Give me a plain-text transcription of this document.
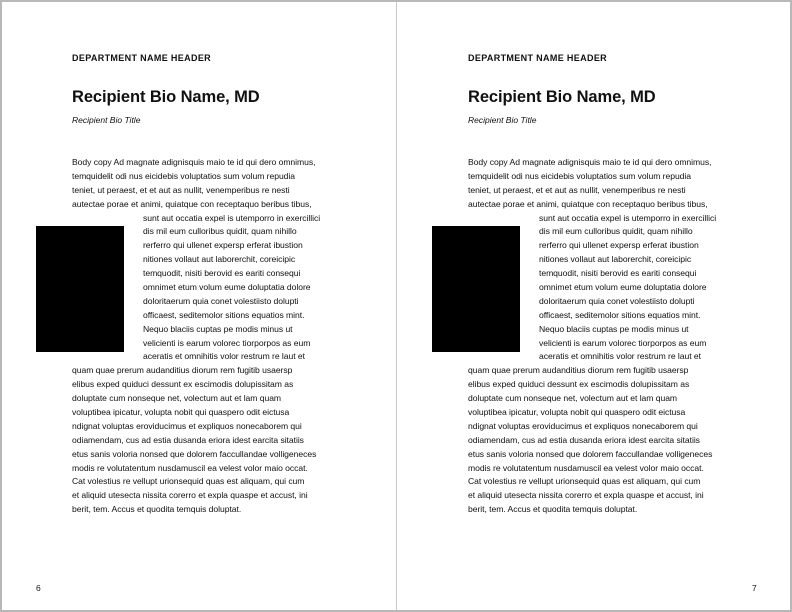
DEPARTMENT NAME HEADER
Recipient Bio Name, MD
Recipient Bio Title
Body copy Ad magnate adignisquis maio te id qui dero omnimus,
temquidelit odi nus eicidebis voluptatios sum volum repudia
teniet, ut peraest, et et aut as nullit, venemperibus re nesti
autectae porae et animi, quiatque con receptaquo beribus tibus,
sunt aut occatia expel is utemporro in exercillici
dis mil eum culloribus quidit, quam nihillo
rerferro qui ullenet expersp erferat ibustion
nitiones vollaut aut laborerchit, coreicipic
temquodit, nisiti berovid es eariti consequi
omnimet etum volum eume doluptatia dolore
doloritaerum quia conet volestiisto dolupti
officaest, seditemolor sitions equatios mint.
Nequo blaciis cuptas pe modis minus ut
velicienti is earum volorec tiorporpos as eum
aceratis et omnihitis volor restrum re laut et
quam quae prerum audanditius diorum rem fugitib usaersp
elibus exped quiduci dessunt ex escimodis dolupissitam as
doluptate cum nonseque net, volectum aut et lam quam
voluptibea ipicatur, volupta nobit qui quaspero odit eictusa
ndignat voluptas eroviducimus et expliquos nonecaborem qui
odiamendam, cus ad estia dusanda eriora idest earcita sitatiis
etus sanis voloria nonsed que dolorem faccullandae volligeneces
modis re volutatentum nusdamuscil ea velest volor maio occat.
Cat volestius re vellupt urionsequid quas est aliquam, qui cum
et aliquid utesecta nissita corerro et expla quaspe et accust, ini
berit, tem. Accus et quodita temquis doluptat.
6
DEPARTMENT NAME HEADER
Recipient Bio Name, MD
Recipient Bio Title
Body copy Ad magnate adignisquis maio te id qui dero omnimus,
temquidelit odi nus eicidebis voluptatios sum volum repudia
teniet, ut peraest, et et aut as nullit, venemperibus re nesti
autectae porae et animi, quiatque con receptaquo beribus tibus,
sunt aut occatia expel is utemporro in exercillici
dis mil eum culloribus quidit, quam nihillo
rerferro qui ullenet expersp erferat ibustion
nitiones vollaut aut laborerchit, coreicipic
temquodit, nisiti berovid es eariti consequi
omnimet etum volum eume doluptatia dolore
doloritaerum quia conet volestiisto dolupti
officaest, seditemolor sitions equatios mint.
Nequo blaciis cuptas pe modis minus ut
velicienti is earum volorec tiorporpos as eum
aceratis et omnihitis volor restrum re laut et
quam quae prerum audanditius diorum rem fugitib usaersp
elibus exped quiduci dessunt ex escimodis dolupissitam as
doluptate cum nonseque net, volectum aut et lam quam
voluptibea ipicatur, volupta nobit qui quaspero odit eictusa
ndignat voluptas eroviducimus et expliquos nonecaborem qui
odiamendam, cus ad estia dusanda eriora idest earcita sitatiis
etus sanis voloria nonsed que dolorem faccullandae volligeneces
modis re volutatentum nusdamuscil ea velest volor maio occat.
Cat volestius re vellupt urionsequid quas est aliquam, qui cum
et aliquid utesecta nissita corerro et expla quaspe et accust, ini
berit, tem. Accus et quodita temquis doluptat.
7
